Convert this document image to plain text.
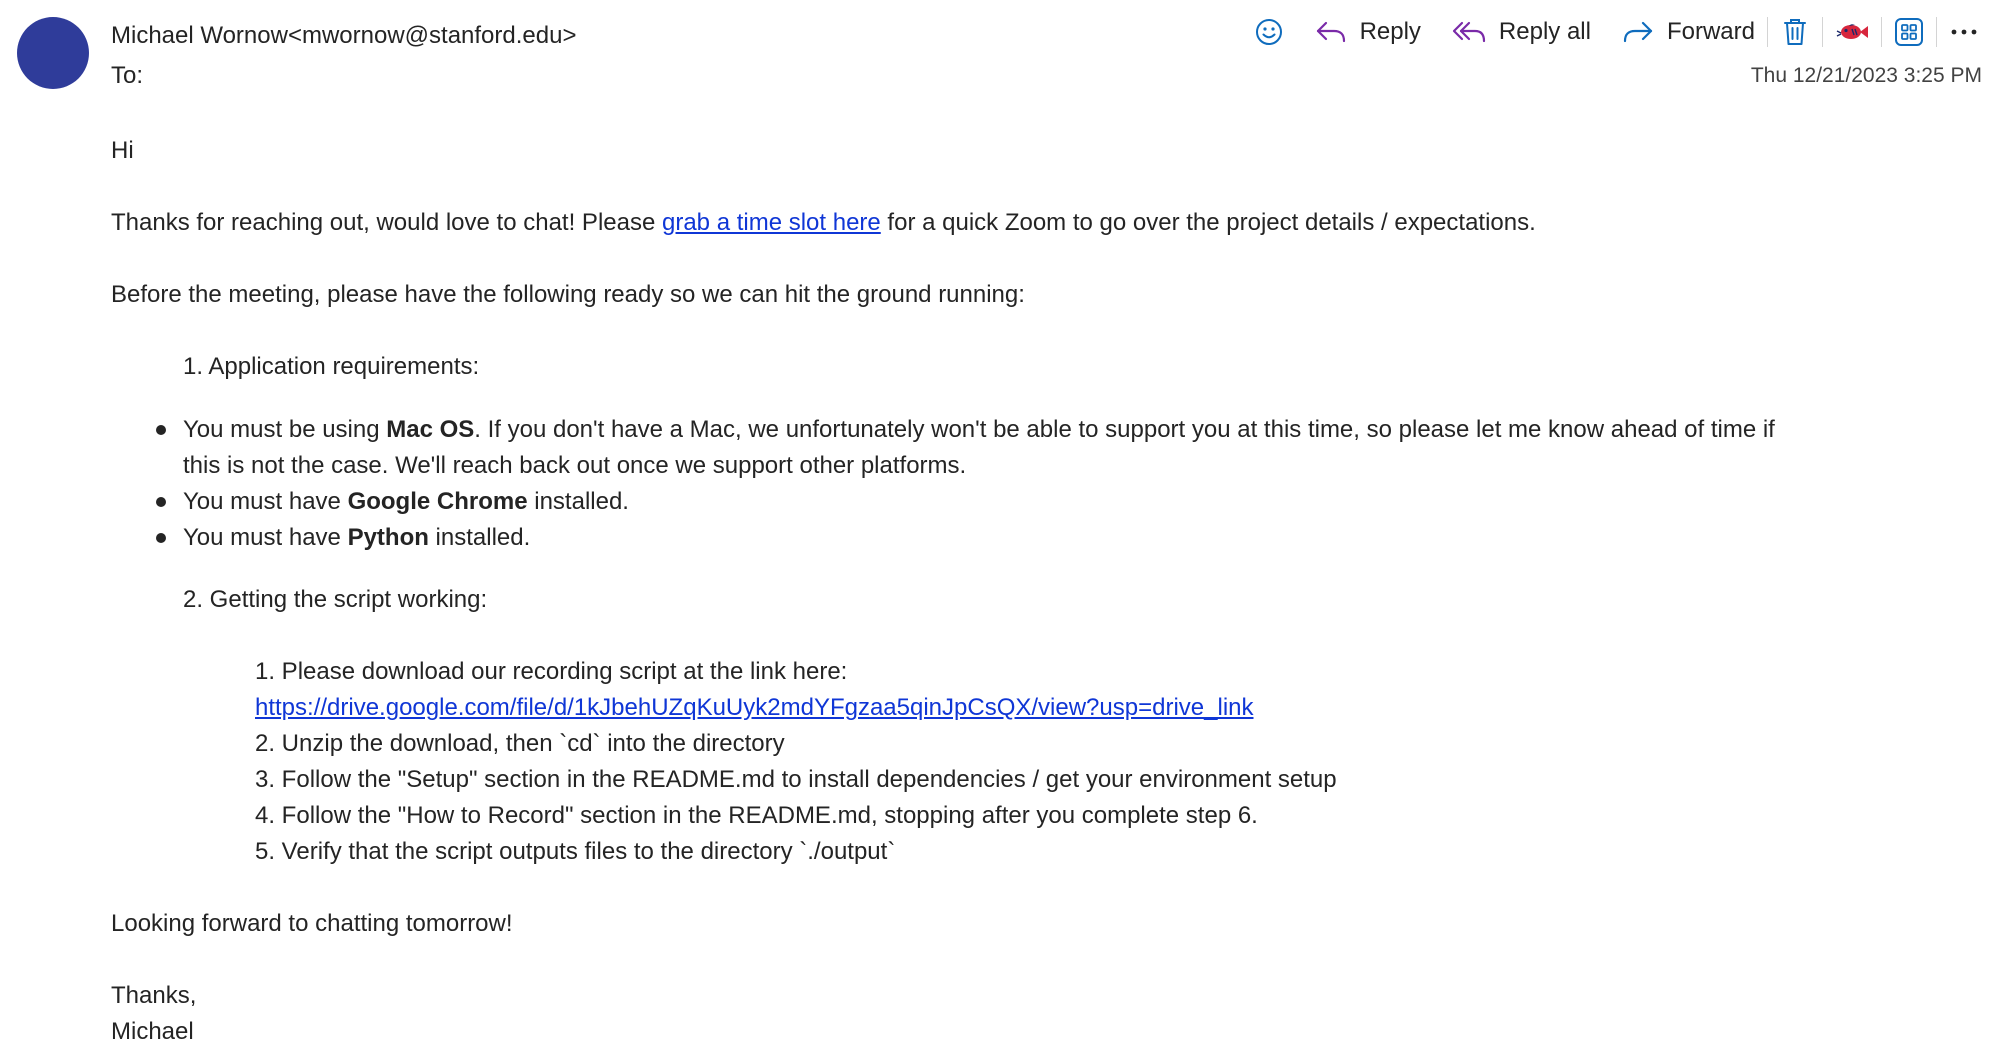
Michael Wornow<mwornow@stanford.edu>
To:	Thu 12/21/2023 3:25 PM
Reply	Reply all	Forward
Hi
Thanks for reaching out, would love to chat! Please grab a time slot here for a quick Zoom to go over the project details / expectations.
Before the meeting, please have the following ready so we can hit the ground running:
1. Application requirements:
You must be using Mac OS. If you don't have a Mac, we unfortunately won't be able to support you at this time, so please let me know ahead of time if
this is not the case. We'll reach back out once we support other platforms.
You must have Google Chrome installed.
You must have Python installed.
2. Getting the script working:
1. Please download our recording script at the link here:
https://drive.google.com/file/d/1kJbehUZqKuUyk2mdYFgzaa5qinJpCsQX/view?usp=drive_link
2. Unzip the download, then `cd` into the directory
3. Follow the "Setup" section in the README.md to install dependencies / get your environment setup
4. Follow the "How to Record" section in the README.md, stopping after you complete step 6.
5. Verify that the script outputs files to the directory `./output`
Looking forward to chatting tomorrow!
Thanks,
Michael
